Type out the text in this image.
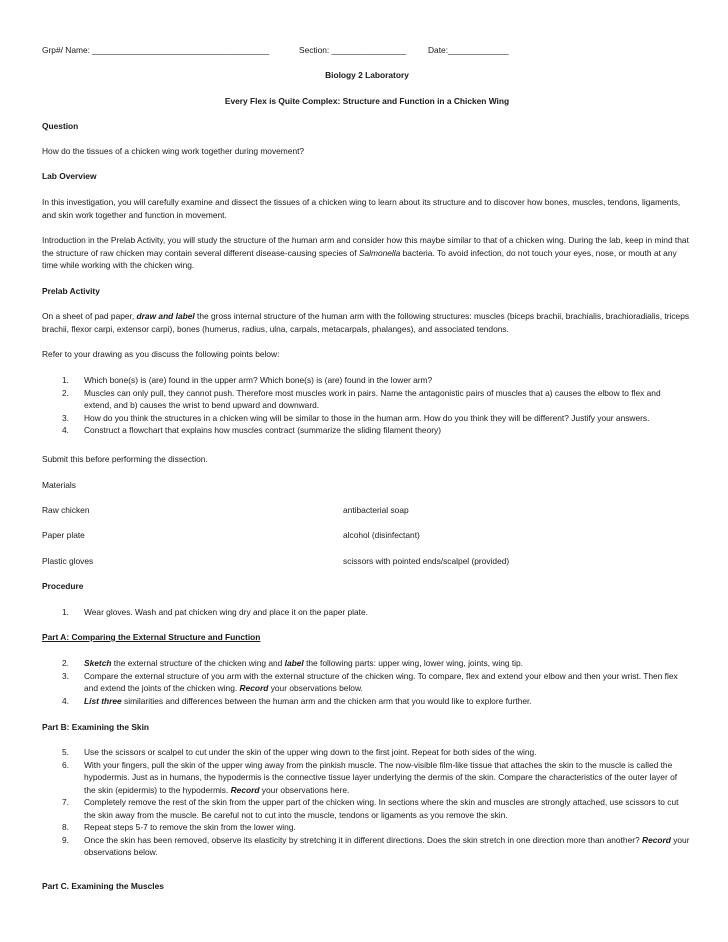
Grp#/ Name: ______________________________________	Section: ________________	Date:_____________
Biology 2 Laboratory
Every Flex is Quite Complex: Structure and Function in a Chicken Wing
Question
How do the tissues of a chicken wing work together during movement?
Lab Overview
In this investigation, you will carefully examine and dissect the tissues of a chicken wing to learn about its structure and to discover how bones, muscles, tendons, ligaments, and skin work together and function in movement.
Introduction in the Prelab Activity, you will study the structure of the human arm and consider how this maybe similar to that of a chicken wing. During the lab, keep in mind that the structure of raw chicken may contain several different disease-causing species of Salmonella bacteria. To avoid infection, do not touch your eyes, nose, or mouth at any time while working with the chicken wing.
Prelab Activity
On a sheet of pad paper, draw and label the gross internal structure of the human arm with the following structures: muscles (biceps brachii, brachialis, brachioradialis, triceps brachii, flexor carpi, extensor carpi), bones (humerus, radius, ulna, carpals, metacarpals, phalanges), and associated tendons.
Refer to your drawing as you discuss the following points below:
1. Which bone(s) is (are) found in the upper arm? Which bone(s) is (are) found in the lower arm?
2. Muscles can only pull, they cannot push. Therefore most muscles work in pairs. Name the antagonistic pairs of muscles that a) causes the elbow to flex and extend, and b) causes the wrist to bend upward and downward.
3. How do you think the structures in a chicken wing will be similar to those in the human arm. How do you think they will be different? Justify your answers.
4. Construct a flowchart that explains how muscles contract (summarize the sliding filament theory)
Submit this before performing the dissection.
Materials
Raw chicken	antibacterial soap
Paper plate	alcohol (disinfectant)
Plastic gloves	scissors with pointed ends/scalpel (provided)
Procedure
1. Wear gloves. Wash and pat chicken wing dry and place it on the paper plate.
Part A: Comparing the External Structure and Function
2. Sketch the external structure of the chicken wing and label the following parts: upper wing, lower wing, joints, wing tip.
3. Compare the external structure of you arm with the external structure of the chicken wing. To compare, flex and extend your elbow and then your wrist. Then flex and extend the joints of the chicken wing. Record your observations below.
4. List three similarities and differences between the human arm and the chicken arm that you would like to explore further.
Part B: Examining the Skin
5. Use the scissors or scalpel to cut under the skin of the upper wing down to the first joint. Repeat for both sides of the wing.
6. With your fingers, pull the skin of the upper wing away from the pinkish muscle. The now-visible film-like tissue that attaches the skin to the muscle is called the hypodermis. Just as in humans, the hypodermis is the connective tissue layer underlying the dermis of the skin. Compare the characteristics of the outer layer of the skin (epidermis) to the hypodermis. Record your observations here.
7. Completely remove the rest of the skin from the upper part of the chicken wing. In sections where the skin and muscles are strongly attached, use scissors to cut the skin away from the muscle. Be careful not to cut into the muscle, tendons or ligaments as you remove the skin.
8. Repeat steps 5-7 to remove the skin from the lower wing.
9. Once the skin has been removed, observe its elasticity by stretching it in different directions. Does the skin stretch in one direction more than another? Record your observations below.
Part C. Examining the Muscles
